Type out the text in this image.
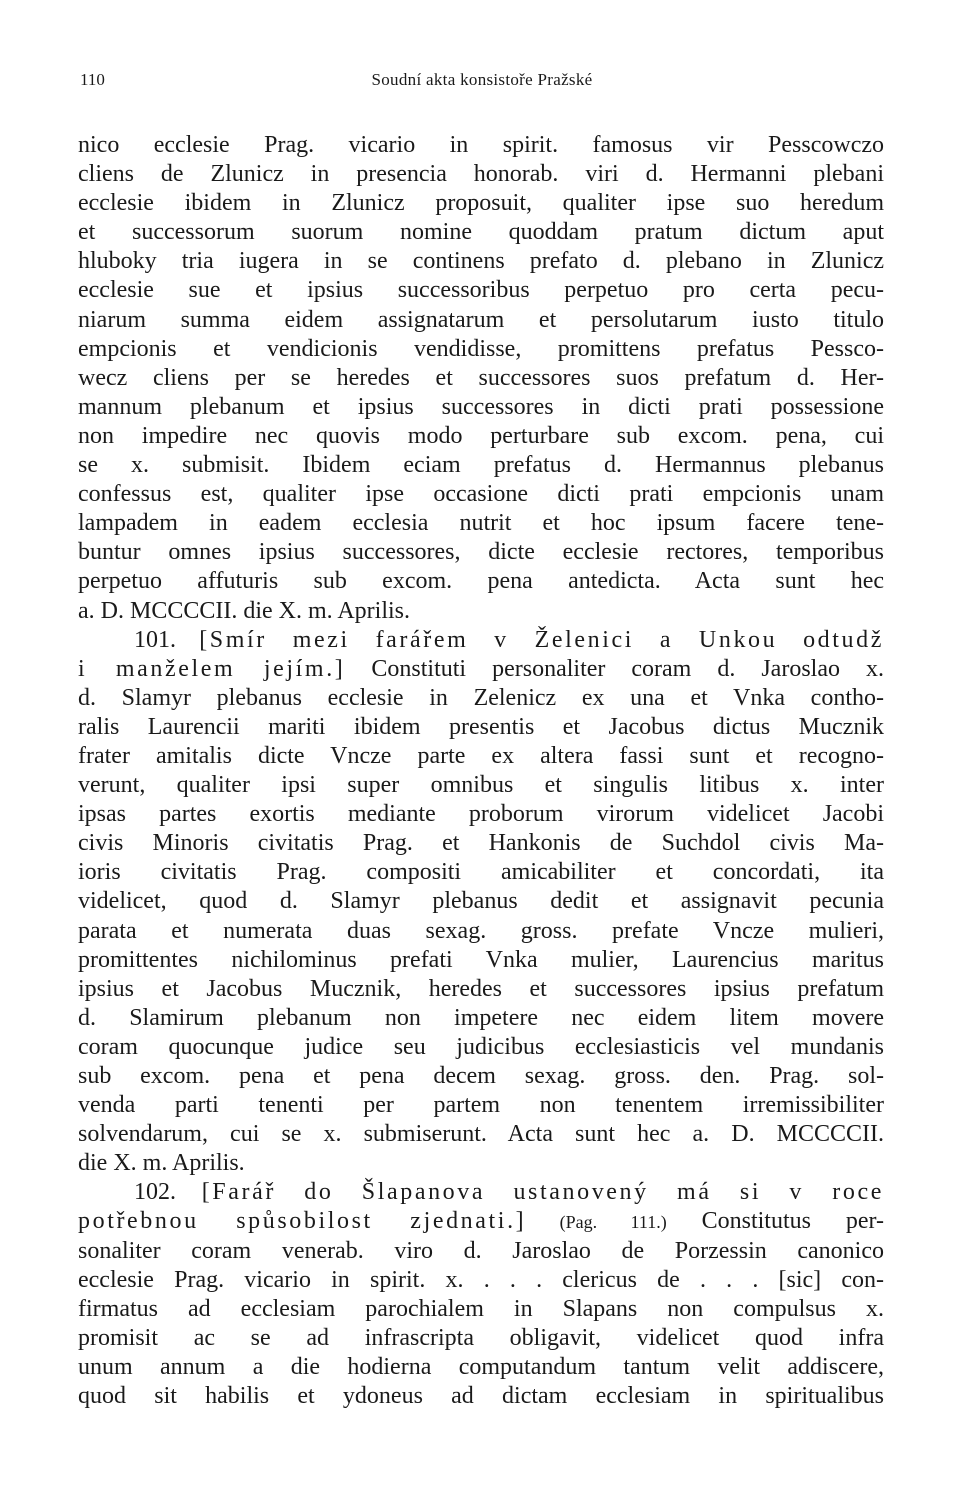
110	Soudní akta konsistoře Pražské
nico ecclesie Prag. vicario in spirit. famosus vir Pesscowczo
cliens de Zlunicz in presencia honorab. viri d. Hermanni plebani
ecclesie ibidem in Zlunicz proposuit, qualiter ipse suo heredum
et successorum suorum nomine quoddam pratum dictum aput
hluboky tria iugera in se continens prefato d. plebano in Zlunicz
ecclesie sue et ipsius successoribus perpetuo pro certa pecu-
niarum summa eidem assignatarum et persolutarum iusto titulo
empcionis et vendicionis vendidisse, promittens prefatus Pessco-
wecz cliens per se heredes et successores suos prefatum d. Her-
mannum plebanum et ipsius successores in dicti prati possessione
non impedire nec quovis modo perturbare sub excom. pena, cui
se x. submisit. Ibidem eciam prefatus d. Hermannus plebanus
confessus est, qualiter ipse occasione dicti prati empcionis unam
lampadem in eadem ecclesia nutrit et hoc ipsum facere tene-
buntur omnes ipsius successores, dicte ecclesie rectores, temporibus
perpetuo affuturis sub excom. pena antedicta. Acta sunt hec
a. D. MCCCCII. die X. m. Aprilis.
101. [Smír mezi farářem v Želenici a Unkou odtudž
i manželem jejím.] Constituti personaliter coram d. Jaroslao x.
d. Slamyr plebanus ecclesie in Zelenicz ex una et Vnka contho-
ralis Laurencii mariti ibidem presentis et Jacobus dictus Mucznik
frater amitalis dicte Vncze parte ex altera fassi sunt et recogno-
verunt, qualiter ipsi super omnibus et singulis litibus x. inter
ipsas partes exortis mediante proborum virorum videlicet Jacobi
civis Minoris civitatis Prag. et Hankonis de Suchdol civis Ma-
ioris civitatis Prag. compositi amicabiliter et concordati, ita
videlicet, quod d. Slamyr plebanus dedit et assignavit pecunia
parata et numerata duas sexag. gross. prefate Vncze mulieri,
promittentes nichilominus prefati Vnka mulier, Laurencius maritus
ipsius et Jacobus Mucznik, heredes et successores ipsius prefatum
d. Slamirum plebanum non impetere nec eidem litem movere
coram quocunque judice seu judicibus ecclesiasticis vel mundanis
sub excom. pena et pena decem sexag. gross. den. Prag. sol-
venda parti tenenti per partem non tenentem irremissibiliter
solvendarum, cui se x. submiserunt. Acta sunt hec a. D. MCCCCII.
die X. m. Aprilis.
102. [Farář do Šlapanova ustanovený má si v roce
potřebnou spůsobilost zjednati.] (Pag. 111.) Constitutus per-
sonaliter coram venerab. viro d. Jaroslao de Porzessin canonico
ecclesie Prag. vicario in spirit. x. . . . clericus de . . . [sic] con-
firmatus ad ecclesiam parochialem in Slapans non compulsus x.
promisit ac se ad infrascripta obligavit, videlicet quod infra
unum annum a die hodierna computandum tantum velit addiscere,
quod sit habilis et ydoneus ad dictam ecclesiam in spiritualibus
